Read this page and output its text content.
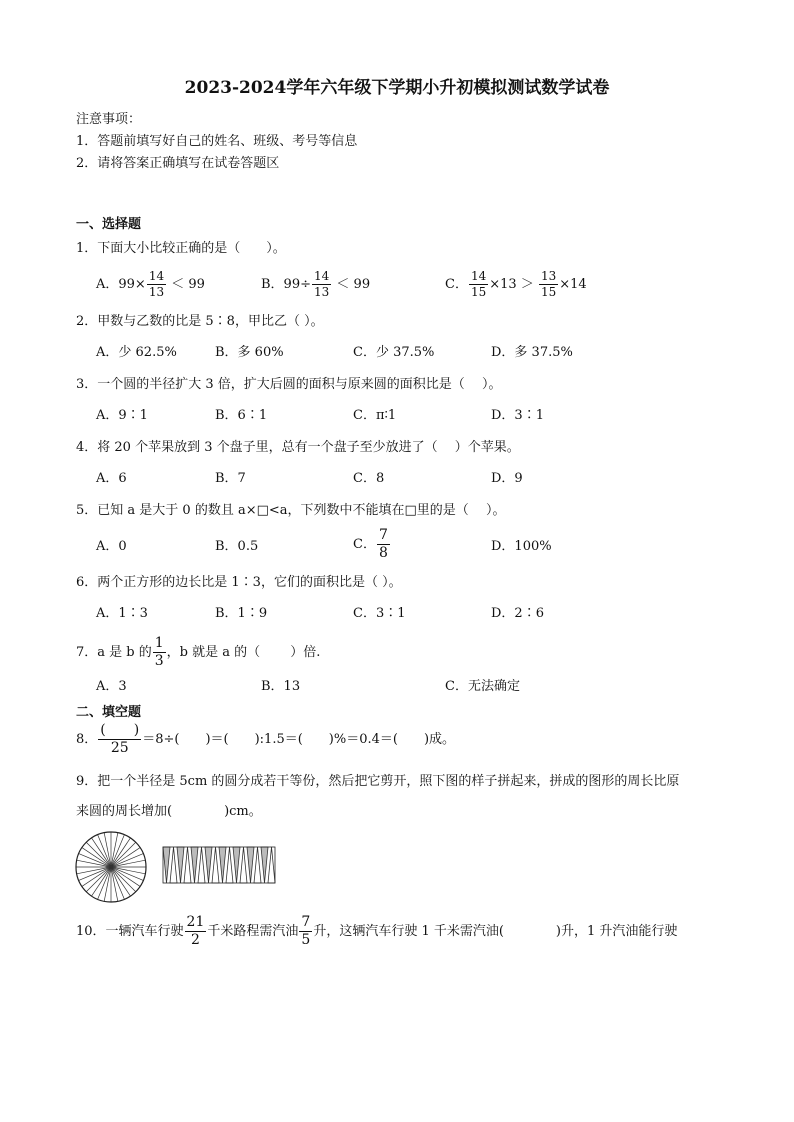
2023-2024学年六年级下学期小升初模拟测试数学试卷
注意事项：
1．答题前填写好自己的姓名、班级、考号等信息
2．请将答案正确填写在试卷答题区
一、选择题
1．下面大小比较正确的是（　　）。
A．$99\times \frac{14}{13} < 99$	B．$99\div \frac{14}{13} < 99$	C． $\frac{14}{15} \times 13 > \frac{13}{15} \times 14$
2．甲数与乙数的比是 5∶8，甲比乙（ ）。
A．少 62.5%	B．多 60%	C．少 37.5%	D．多 37.5%
3．一个圆的半径扩大 3 倍，扩大后圆的面积与原来圆的面积比是（　 ）。
A．9∶1	B．6∶1	C．π∶1	D．3∶1
4．将 20 个苹果放到 3 个盘子里，总有一个盘子至少放进了（　 ）个苹果。
A．6	B．7	C．8	D．9
5．已知 a 是大于 0 的数且 a×□<a，下列数中不能填在□里的是（　 ）。
A．0	B．0.5	C． $\frac{7}{8}$	D．100%
6．两个正方形的边长比是 1∶3，它们的面积比是（ ）。
A．1∶3	B．1∶9	C．3∶1	D．2∶6
7．a 是 b 的 $\frac{1}{3}$ ，b 就是 a 的（　　 ）倍.
A．3	B．13	C．无法确定
二、填空题
8． $\frac{( )}{25} =8\div$(　　)＝(　　):1.5＝(　　)%＝0.4＝(　　)成。
9．把一个半径是 5cm 的圆分成若干等份，然后把它剪开，照下图的样子拼起来，拼成的图形的周长比原
来圆的周长增加(　　　　)cm。
10．一辆汽车行驶 $\frac{21}{2}$ 千米路程需汽油 $\frac{7}{5}$ 升，这辆汽车行驶 1 千米需汽油(　　　　)升，1 升汽油能行驶
